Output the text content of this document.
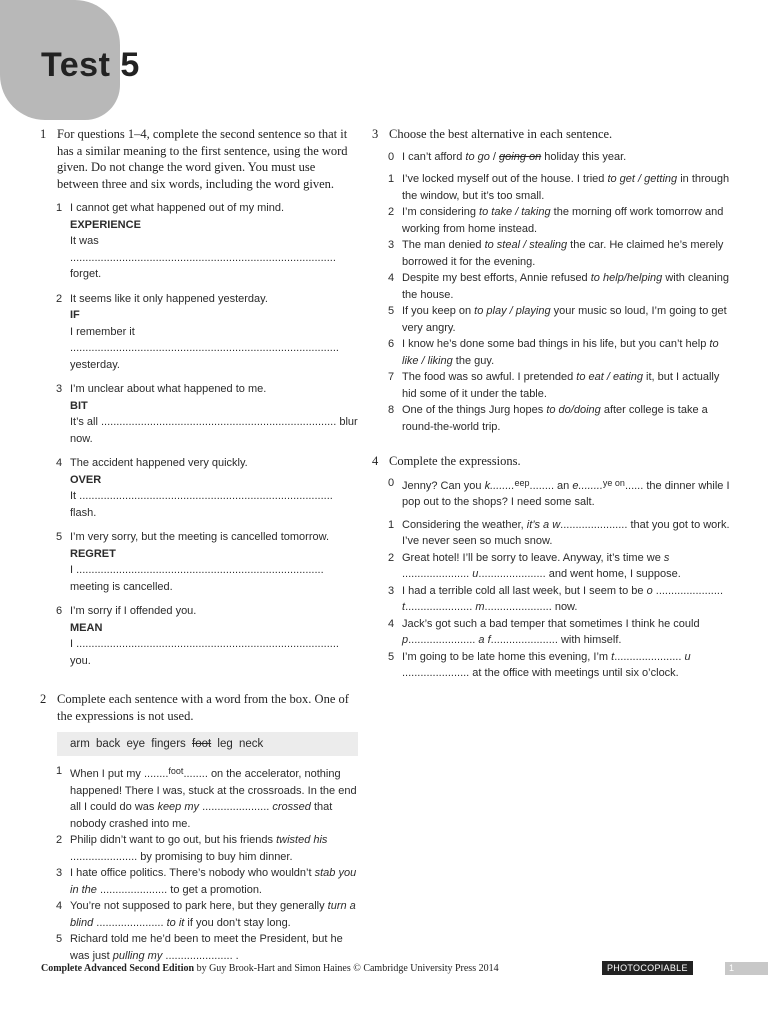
Test 5
1 For questions 1–4, complete the second sentence so that it has a similar meaning to the first sentence, using the word given. Do not change the word given. You must use between three and six words, including the word given.
1 I cannot get what happened out of my mind.
EXPERIENCE
It was ....................................................................................... forget.
2 It seems like it only happened yesterday.
IF
I remember it ........................................................................................ yesterday.
3 I’m unclear about what happened to me.
BIT
It’s all ............................................................................. blur now.
4 The accident happened very quickly.
OVER
It ................................................................................... flash.
5 I’m very sorry, but the meeting is cancelled tomorrow.
REGRET
I ................................................................................. meeting is cancelled.
6 I’m sorry if I offended you.
MEAN
I ...................................................................................... you.
2 Complete each sentence with a word from the box. One of the expressions is not used.
arm back eye fingers foot leg neck
1 When I put my ........$^{foot}$........ on the accelerator, nothing happened! There I was, stuck at the crossroads. In the end all I could do was keep my ...................... crossed that nobody crashed into me.
2 Philip didn’t want to go out, but his friends twisted his ...................... by promising to buy him dinner.
3 I hate office politics. There’s nobody who wouldn’t stab you in the ...................... to get a promotion.
4 You’re not supposed to park here, but they generally turn a blind ...................... to it if you don’t stay long.
5 Richard told me he’d been to meet the President, but he was just pulling my ...................... .
3 Choose the best alternative in each sentence.
0 I can’t afford to go / going on holiday this year.
1 I’ve locked myself out of the house. I tried to get / getting in through the window, but it’s too small.
2 I’m considering to take / taking the morning off work tomorrow and working from home instead.
3 The man denied to steal / stealing the car. He claimed he’s merely borrowed it for the evening.
4 Despite my best efforts, Annie refused to help/helping with cleaning the house.
5 If you keep on to play / playing your music so loud, I’m going to get very angry.
6 I know he’s done some bad things in his life, but you can’t help to like / liking the guy.
7 The food was so awful. I pretended to eat / eating it, but I actually hid some of it under the table.
8 One of the things Jurg hopes to do/doing after college is take a round-the-world trip.
4 Complete the expressions.
0 Jenny? Can you k........$^{eep}$........ an e........$^{ye on}$...... the dinner while I pop out to the shops? I need some salt.
1 Considering the weather, it’s a w...................... that you got to work. I’ve never seen so much snow.
2 Great hotel! I’ll be sorry to leave. Anyway, it’s time we s ...................... u...................... and went home, I suppose.
3 I had a terrible cold all last week, but I seem to be o ...................... t...................... m...................... now.
4 Jack’s got such a bad temper that sometimes I think he could p...................... a f...................... with himself.
5 I’m going to be late home this evening, I’m t...................... u ...................... at the office with meetings until six o’clock.
Complete Advanced Second Edition by Guy Brook-Hart and Simon Haines © Cambridge University Press 2014	PHOTOCOPIABLE	1
